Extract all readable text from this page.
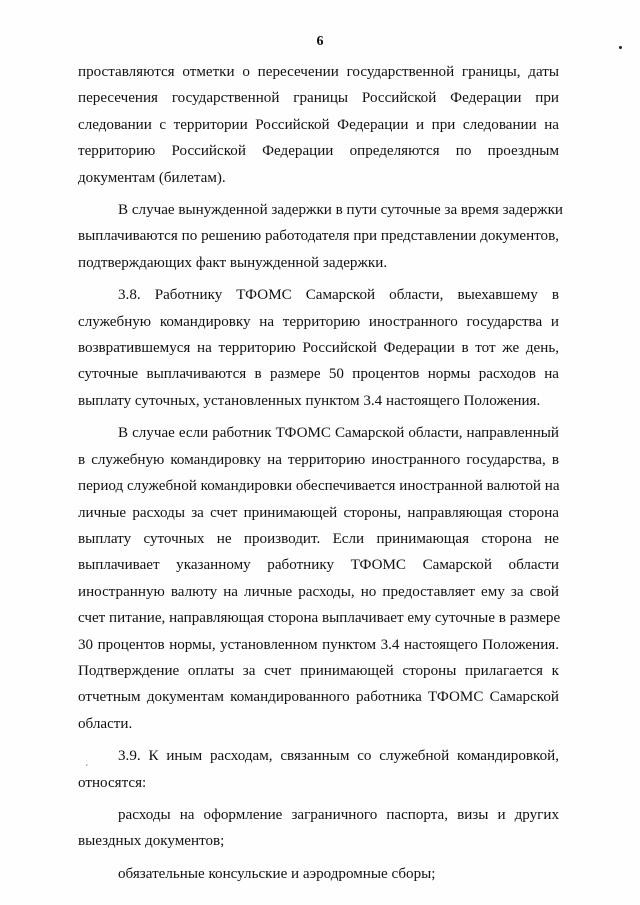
6
´
проставляются отметки о пересечении государственной границы, даты
пересечения государственной границы Российской Федерации при
следовании с территории Российской Федерации и при следовании на
территорию Российской Федерации определяются по проездным
документам (билетам).
В случае вынужденной задержки в пути суточные за время задержки
выплачиваются по решению работодателя при представлении документов,
подтверждающих факт вынужденной задержки.
3.8. Работнику ТФОМС Самарской области, выехавшему в
служебную командировку на территорию иностранного государства и
возвратившемуся на территорию Российской Федерации в тот же день,
суточные выплачиваются в размере 50 процентов нормы расходов на
выплату суточных, установленных пунктом 3.4 настоящего Положения.
В случае если работник ТФОМС Самарской области, направленный
в служебную командировку на территорию иностранного государства, в
период служебной командировки обеспечивается иностранной валютой на
личные расходы за счет принимающей стороны, направляющая сторона
выплату суточных не производит. Если принимающая сторона не
выплачивает указанному работнику ТФОМС Самарской области
иностранную валюту на личные расходы, но предоставляет ему за свой
счет питание, направляющая сторона выплачивает ему суточные в размере
30 процентов нормы, установленном пунктом 3.4 настоящего Положения.
Подтверждение оплаты за счет принимающей стороны прилагается к
отчетным документам командированного работника ТФОМС Самарской
области.
3.9. К иным расходам, связанным со служебной командировкой,
относятся:
расходы на оформление заграничного паспорта, визы и других
выездных документов;
обязательные консульские и аэродромные сборы;
